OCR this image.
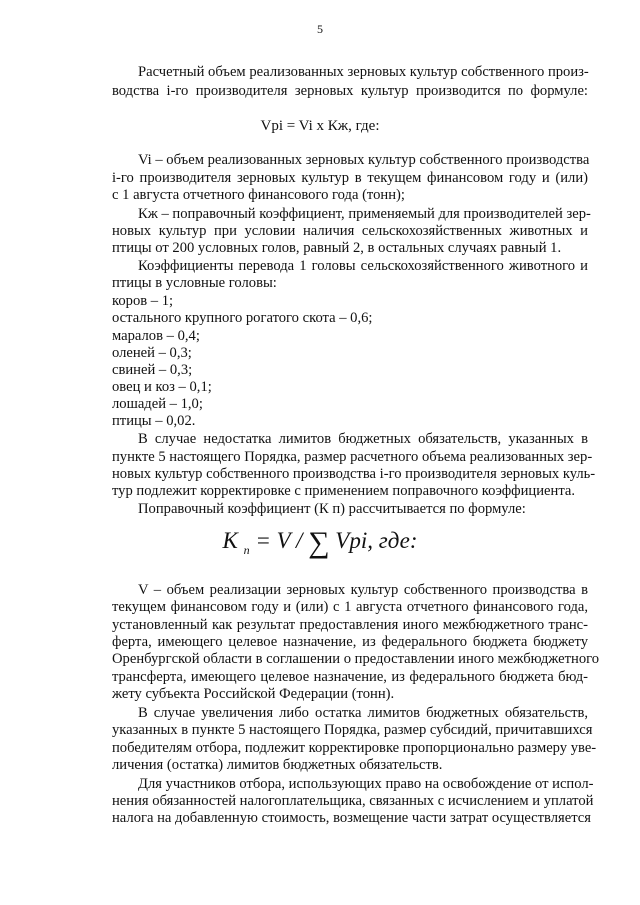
5
Расчетный объем реализованных зерновых культур собственного произ-
водства i-го производителя зерновых культур производится по формуле:
Vpi = Vi х Кж, где:
Vi – объем реализованных зерновых культур собственного производства
i-го производителя зерновых культур в текущем финансовом году и (или)
с 1 августа отчетного финансового года (тонн);
Кж – поправочный коэффициент, применяемый для производителей зер-
новых культур при условии наличия сельскохозяйственных животных и
птицы от 200 условных голов, равный 2, в остальных случаях равный 1.
Коэффициенты перевода 1 головы сельскохозяйственного животного и
птицы в условные головы:
коров – 1;
остального крупного рогатого скота – 0,6;
маралов – 0,4;
оленей – 0,3;
свиней – 0,3;
овец и коз – 0,1;
лошадей – 1,0;
птицы – 0,02.
В случае недостатка лимитов бюджетных обязательств, указанных в
пункте 5 настоящего Порядка, размер расчетного объема реализованных зер-
новых культур собственного производства i-го производителя зерновых куль-
тур подлежит корректировке с применением поправочного коэффициента.
Поправочный коэффициент (К п) рассчитывается по формуле:
K $_п$ = V / ∑ Vpi, где:
V – объем реализации зерновых культур собственного производства в
текущем финансовом году и (или) с 1 августа отчетного финансового года,
установленный как результат предоставления иного межбюджетного транс-
ферта, имеющего целевое назначение, из федерального бюджета бюджету
Оренбургской области в соглашении о предоставлении иного межбюджетного
трансферта, имеющего целевое назначение, из федерального бюджета бюд-
жету субъекта Российской Федерации (тонн).
В случае увеличения либо остатка лимитов бюджетных обязательств,
указанных в пункте 5 настоящего Порядка, размер субсидий, причитавшихся
победителям отбора, подлежит корректировке пропорционально размеру уве-
личения (остатка) лимитов бюджетных обязательств.
Для участников отбора, использующих право на освобождение от испол-
нения обязанностей налогоплательщика, связанных с исчислением и уплатой
налога на добавленную стоимость, возмещение части затрат осуществляется
